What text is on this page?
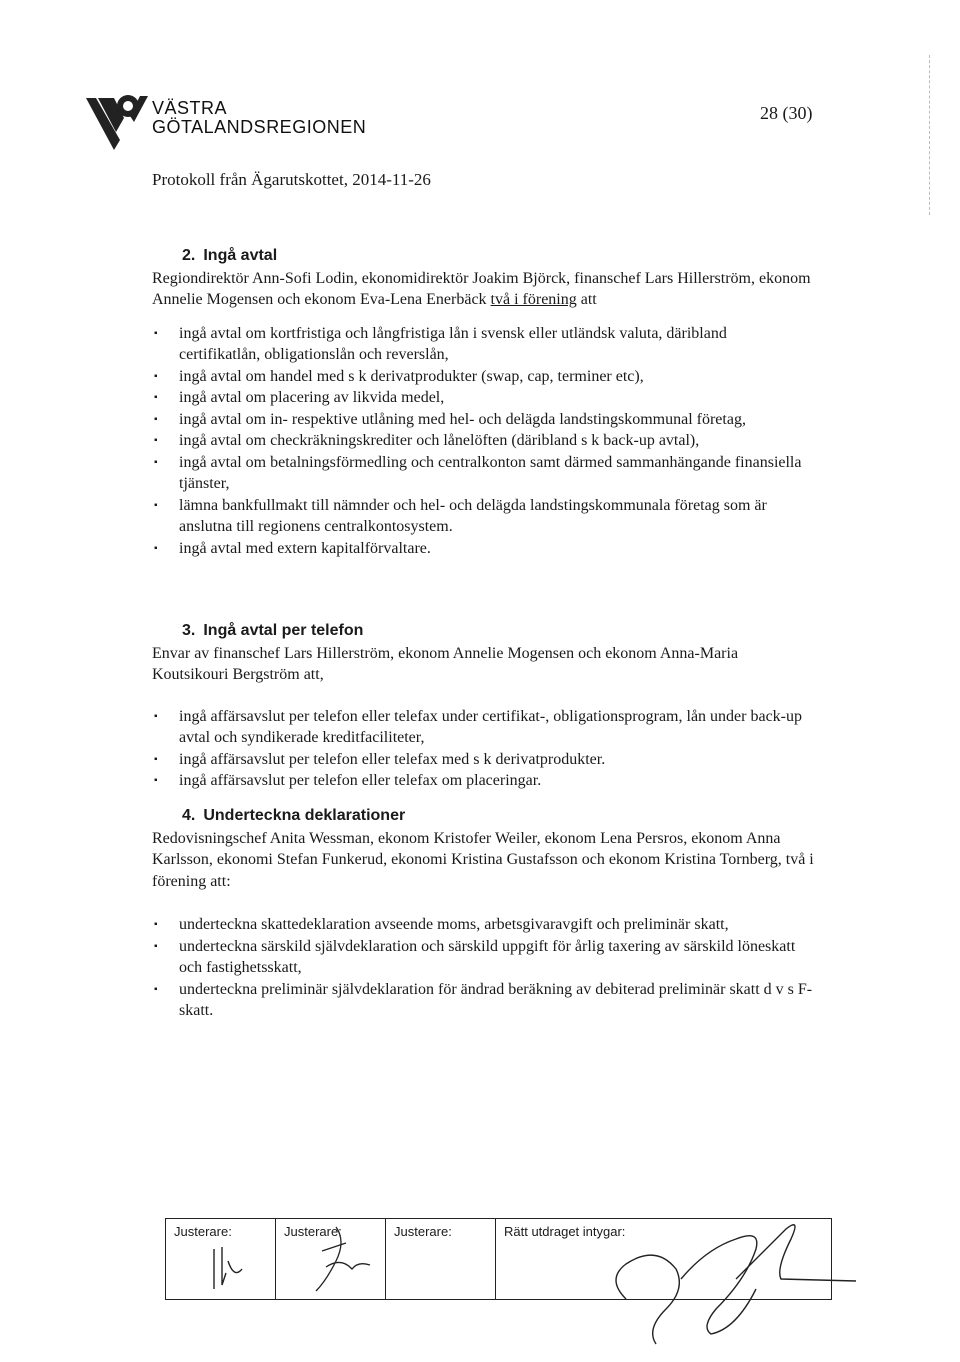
VÄSTRA
GÖTALANDSREGIONEN
28 (30)
Protokoll från Ägarutskottet, 2014-11-26
2. Ingå avtal

Regiondirektör Ann-Sofi Lodin, ekonomidirektör Joakim Björck, finanschef Lars Hillerström, ekonom Annelie Mogensen och ekonom Eva-Lena Enerbäck två i förening att

▪ ingå avtal om kortfristiga och långfristiga lån i svensk eller utländsk valuta, däribland certifikatlån, obligationslån och reverslån,
▪ ingå avtal om handel med s k derivatprodukter (swap, cap, terminer etc),
▪ ingå avtal om placering av likvida medel,
▪ ingå avtal om in- respektive utlåning med hel- och delägda landstingskommunal företag,
▪ ingå avtal om checkräkningskrediter och lånelöften (däribland s k back-up avtal),
▪ ingå avtal om betalningsförmedling och centralkonton samt därmed sammanhängande finansiella tjänster,
▪ lämna bankfullmakt till nämnder och hel- och delägda landstingskommunala företag som är anslutna till regionens centralkontosystem.
▪ ingå avtal med extern kapitalförvaltare.
3. Ingå avtal per telefon

Envar av finanschef Lars Hillerström, ekonom Annelie Mogensen och ekonom Anna-Maria Koutsikouri Bergström att,

▪ ingå affärsavslut per telefon eller telefax under certifikat-, obligationsprogram, lån under back-up avtal och syndikerade kreditfaciliteter,
▪ ingå affärsavslut per telefon eller telefax med s k derivatprodukter.
▪ ingå affärsavslut per telefon eller telefax om placeringar.
4. Underteckna deklarationer

Redovisningschef Anita Wessman, ekonom Kristofer Weiler, ekonom Lena Persros, ekonom Anna Karlsson, ekonomi Stefan Funkerud, ekonomi Kristina Gustafsson och ekonom Kristina Tornberg, två i förening att:

▪ underteckna skattedeklaration avseende moms, arbetsgivaravgift och preliminär skatt,
▪ underteckna särskild självdeklaration och särskild uppgift för årlig taxering av särskild löneskatt och fastighetsskatt,
▪ underteckna preliminär självdeklaration för ändrad beräkning av debiterad preliminär skatt d v s F-skatt.
Justerare:	Justerare:	Justerare:	Rätt utdraget intygar:
